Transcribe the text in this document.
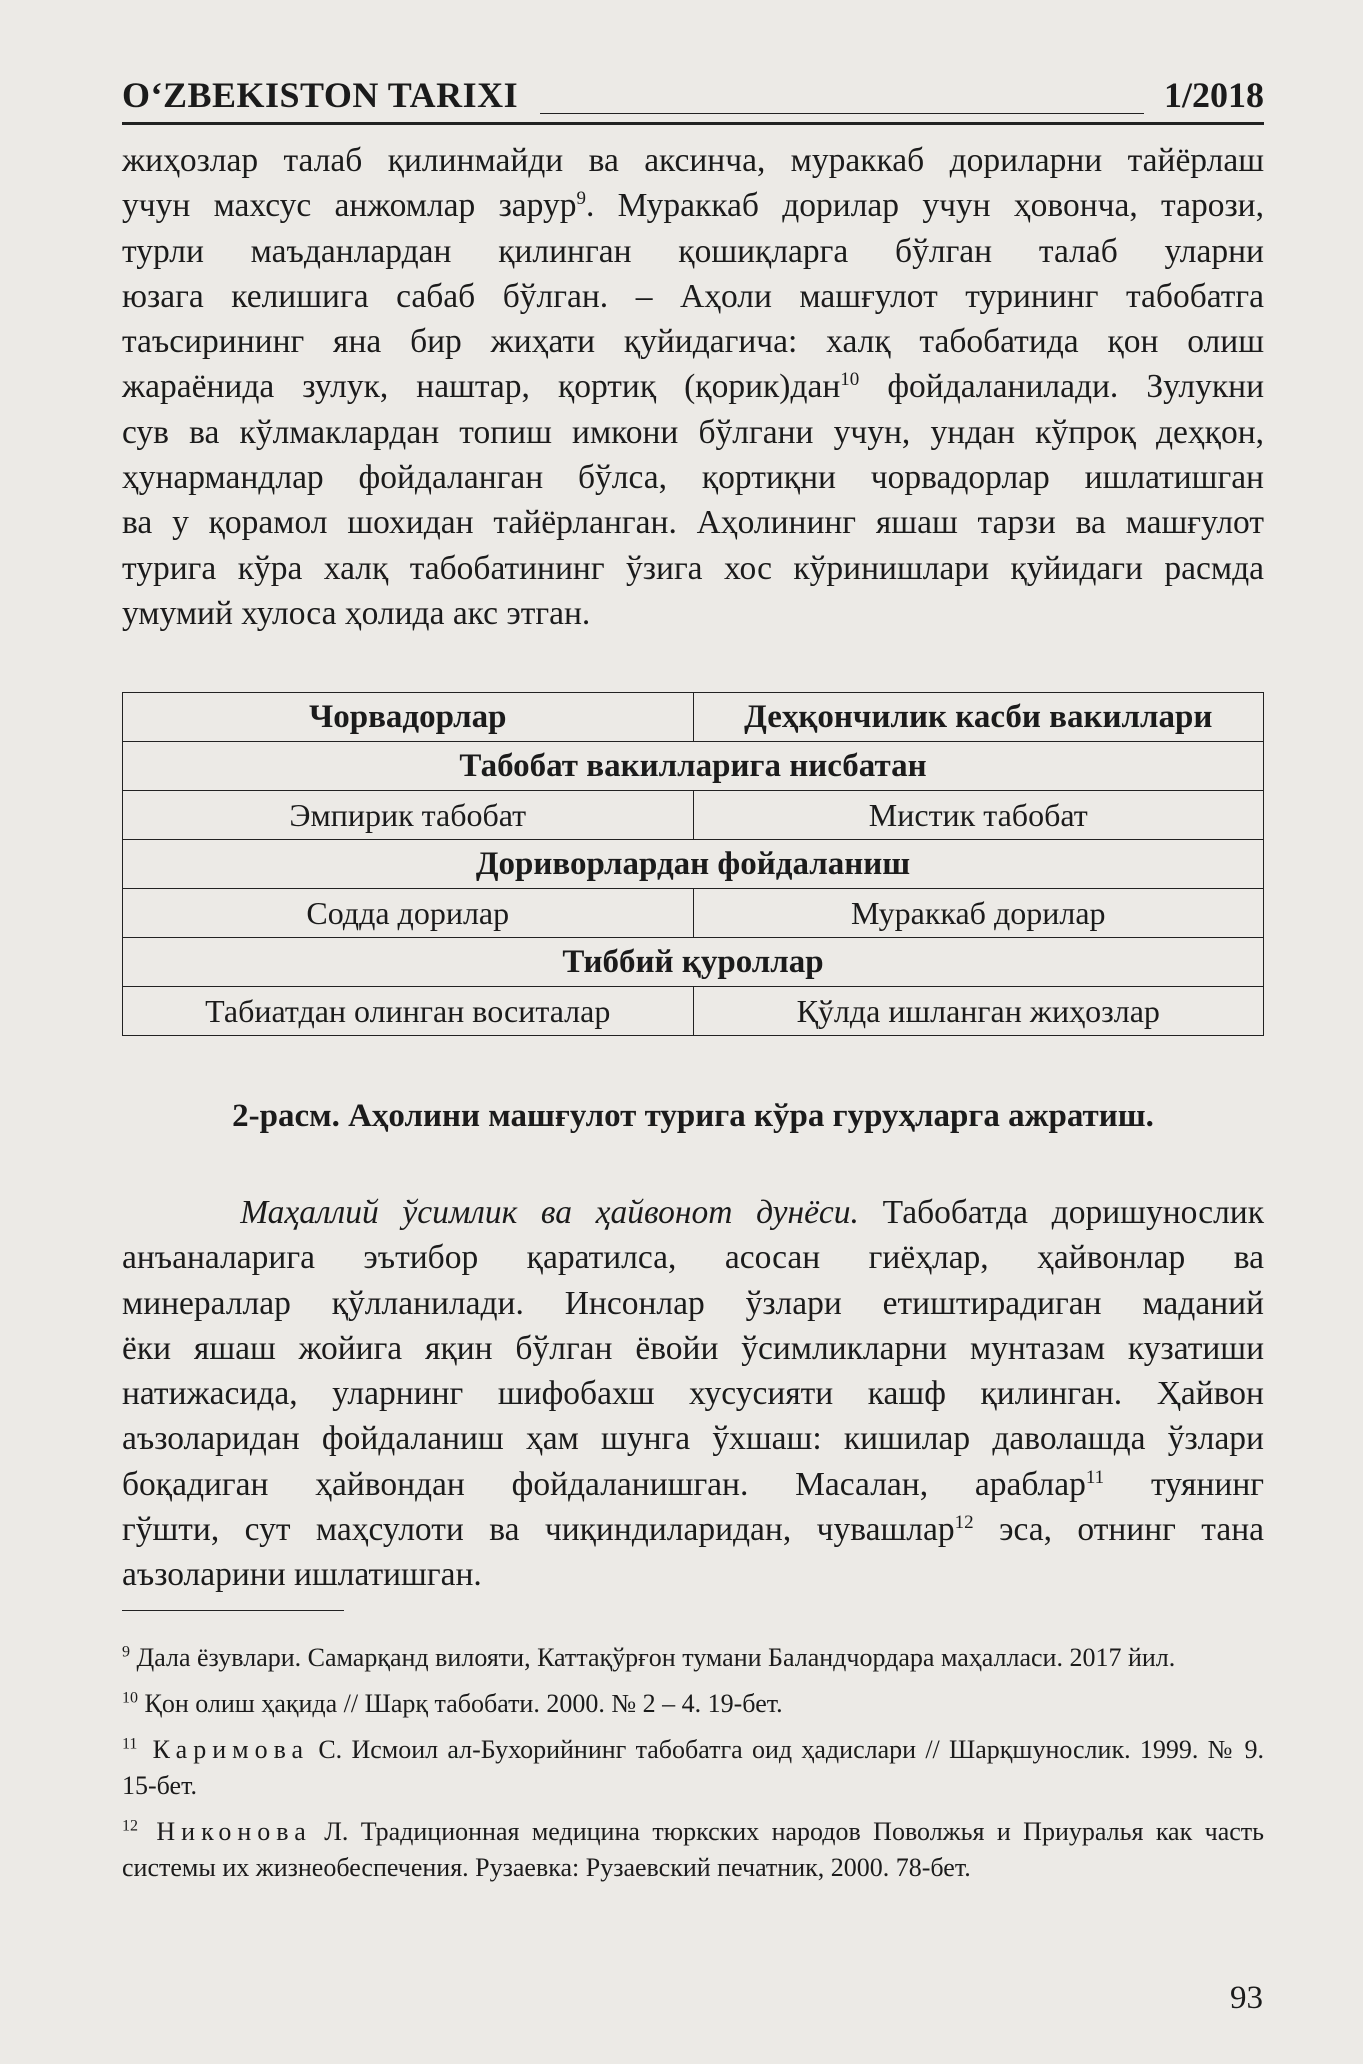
O‘ZBEKISTON TARIXI	1/2018
жиҳозлар талаб қилинмайди ва аксинча, мураккаб дориларни тайёрлаш
учун махсус анжомлар зарур$^9$. Мураккаб дорилар учун ҳовонча, тарози,
турли маъданлардан қилинган қошиқларга бўлган талаб уларни
юзага келишига сабаб бўлган. – Аҳоли машғулот турининг табобатга
таъсирининг яна бир жиҳати қуйидагича: халқ табобатида қон олиш
жараёнида зулук, наштар, қортиқ (қорик)дан$^{10}$ фойдаланилади. Зулукни
сув ва кўлмаклардан топиш имкони бўлгани учун, ундан кўпроқ деҳқон,
ҳунармандлар фойдаланган бўлса, қортиқни чорвадорлар ишлатишган
ва у қорамол шохидан тайёрланган. Аҳолининг яшаш тарзи ва машғулот
турига кўра халқ табобатининг ўзига хос кўринишлари қуйидаги расмда
умумий хулоса ҳолида акс этган.
Чорвадорлар	Деҳқончилик касби вакиллари
Табобат вакилларига нисбатан	
Эмпирик табобат	Мистик табобат
Дориворлардан фойдаланиш	
Содда дорилар	Мураккаб дорилар
Тиббий қуроллар	
Табиатдан олинган воситалар	Қўлда ишланган жиҳозлар
2-расм. Аҳолини машғулот турига кўра гуруҳларга ажратиш.
Маҳаллий ўсимлик ва ҳайвонот дунёси. Табобатда доришунослик
анъаналарига эътибор қаратилса, асосан гиёҳлар, ҳайвонлар ва
минераллар қўлланилади. Инсонлар ўзлари етиштирадиган маданий
ёки яшаш жойига яқин бўлган ёвойи ўсимликларни мунтазам кузатиши
натижасида, уларнинг шифобахш хусусияти кашф қилинган. Ҳайвон
аъзоларидан фойдаланиш ҳам шунга ўхшаш: кишилар даволашда ўзлари
боқадиган ҳайвондан фойдаланишган. Масалан, араблар$^{11}$ туянинг
гўшти, сут маҳсулоти ва чиқиндиларидан, чувашлар$^{12}$ эса, отнинг тана
аъзоларини ишлатишган.
$^9$ Дала ёзувлари. Самарқанд вилояти, Каттақўрғон тумани Баландчордара маҳалласи. 2017 йил.
$^{10}$ Қон олиш ҳақида // Шарқ табобати. 2000. № 2 – 4. 19-бет.
$^{11}$ Каримова С. Исмоил ал-Бухорийнинг табобатга оид ҳадислари // Шарқшунослик. 1999. № 9. 15-бет.
$^{12}$ Никонова Л. Традиционная медицина тюркских народов Поволжья и Приуралья как часть системы их жизнеобеспечения. Рузаевка: Рузаевский печатник, 2000. 78-бет.
93
